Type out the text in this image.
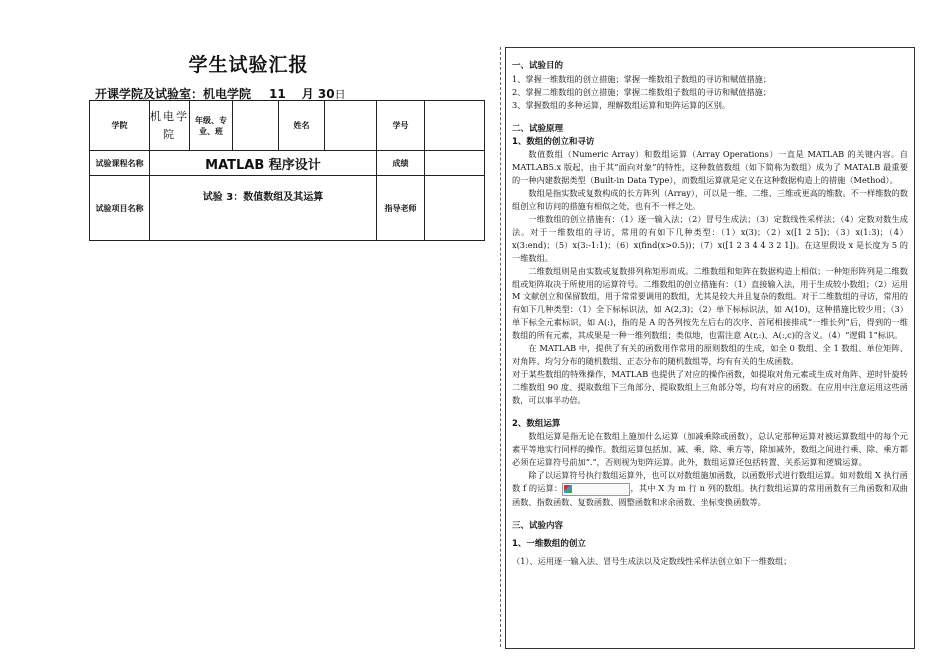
学生试验汇报
开课学院及试验室：机电学院 11 月 30日
学院	机电学院	年级、专业、班		姓名		学号	
试验课程名称	MATLAB 程序设计					成绩	
试验项目名称	试验 3：数值数组及其运算					指导老师	

一、试验目的

1、掌握一维数组的创立措施；掌握一维数组子数组的寻访和赋值措施；

2、掌握二维数组的创立措施；掌握二维数组子数组的寻访和赋值措施；

3、掌握数组的多种运算，理解数组运算和矩阵运算的区别。

二、试验原理

1、数组的创立和寻访

数值数组（Numeric Array）和数组运算（Array Operations）一直是 MATLAB 的关键内容。自 MATLAB5.x 版起，由于其“面向对象”的特性，这种数值数组（如下简称为数组）成为了 MATALB 最重要的一种内建数据类型（Built-in Data Type），而数组运算就是定义在这种数据构造上的措施（Method）。

数组是指实数或复数构成的长方阵列（Array），可以是一维、二维、三维或更高的维数。不一样维数的数组创立和访问的措施有相似之处，也有不一样之处。

一维数组的创立措施有：（1）逐一输入法；（2）冒号生成法；（3）定数线性采样法；（4）定数对数生成法。对于一维数组的寻访，常用的有如下几种类型：（1）x(3)；（2）x([1 2 5])；（3）x(1:3)；（4）x(3:end)；（5）x(3:-1:1)；（6）x(find(x>0.5))；（7）x([1 2 3 4 4 3 2 1])。在这里假设 x 是长度为 5 的一维数组。

二维数组则是由实数或复数排列称矩形而成。二维数组和矩阵在数据构造上相似；一种矩形阵列是二维数组或矩阵取决于所使用的运算符号。二维数组的创立措施有：（1）直接输入法，用于生成较小数组；（2）运用 M 文献创立和保留数组，用于常常要调用的数组，尤其是较大并且复杂的数组。对于二维数组的寻访，常用的有如下几种类型：（1）全下标标识法，如 A(2,3)；（2）单下标标识法，如 A(10)，这种措施比较少用；（3）单下标全元素标识，如 A(:)，指的是 A 的各列按先左后右的次序、首尾相接排成“一维长列”后，得到的一维数组的所有元素，其成果是一种一维列数组；类似地，也需注意 A(r,:)、A(:,c)的含义。（4）“逻辑 1”标识。

在 MATLAB 中，提供了有关的函数用作常用的原则数组的生成，如全 0 数组、全 1 数组、单位矩阵、对角阵、均匀分布的随机数组、正态分布的随机数组等，均有有关的生成函数。

对于某些数组的特殊操作，MATLAB 也提供了对应的操作函数，如提取对角元素或生成对角阵、逆时针旋转二维数组 90 度、提取数组下三角部分、提取数组上三角部分等，均有对应的函数。在应用中注意运用这些函数，可以事半功倍。

2、数组运算

数组运算是指无论在数组上施加什么运算（加减乘除或函数），总认定那种运算对被运算数组中的每个元素平等地实行同样的操作。数组运算包括加、减、乘、除、乘方等，除加减外，数组之间进行乘、除、乘方都必须在运算符号前加“.”，否则视为矩阵运算。此外，数组运算还包括转置、关系运算和逻辑运算。

除了以运算符号执行数组运算外，也可以对数组施加函数，以函数形式进行数组运算。如对数组 X 执行函数 f 的运算：	，其中 X 为 m 行 n 列的数组。执行数组运算的常用函数有三角函数和双曲函数、指数函数、复数函数、圆整函数和求余函数、坐标变换函数等。

三、试验内容

1、一维数组的创立

（1）、运用逐一输入法、冒号生成法以及定数线性采样法创立如下一维数组；
